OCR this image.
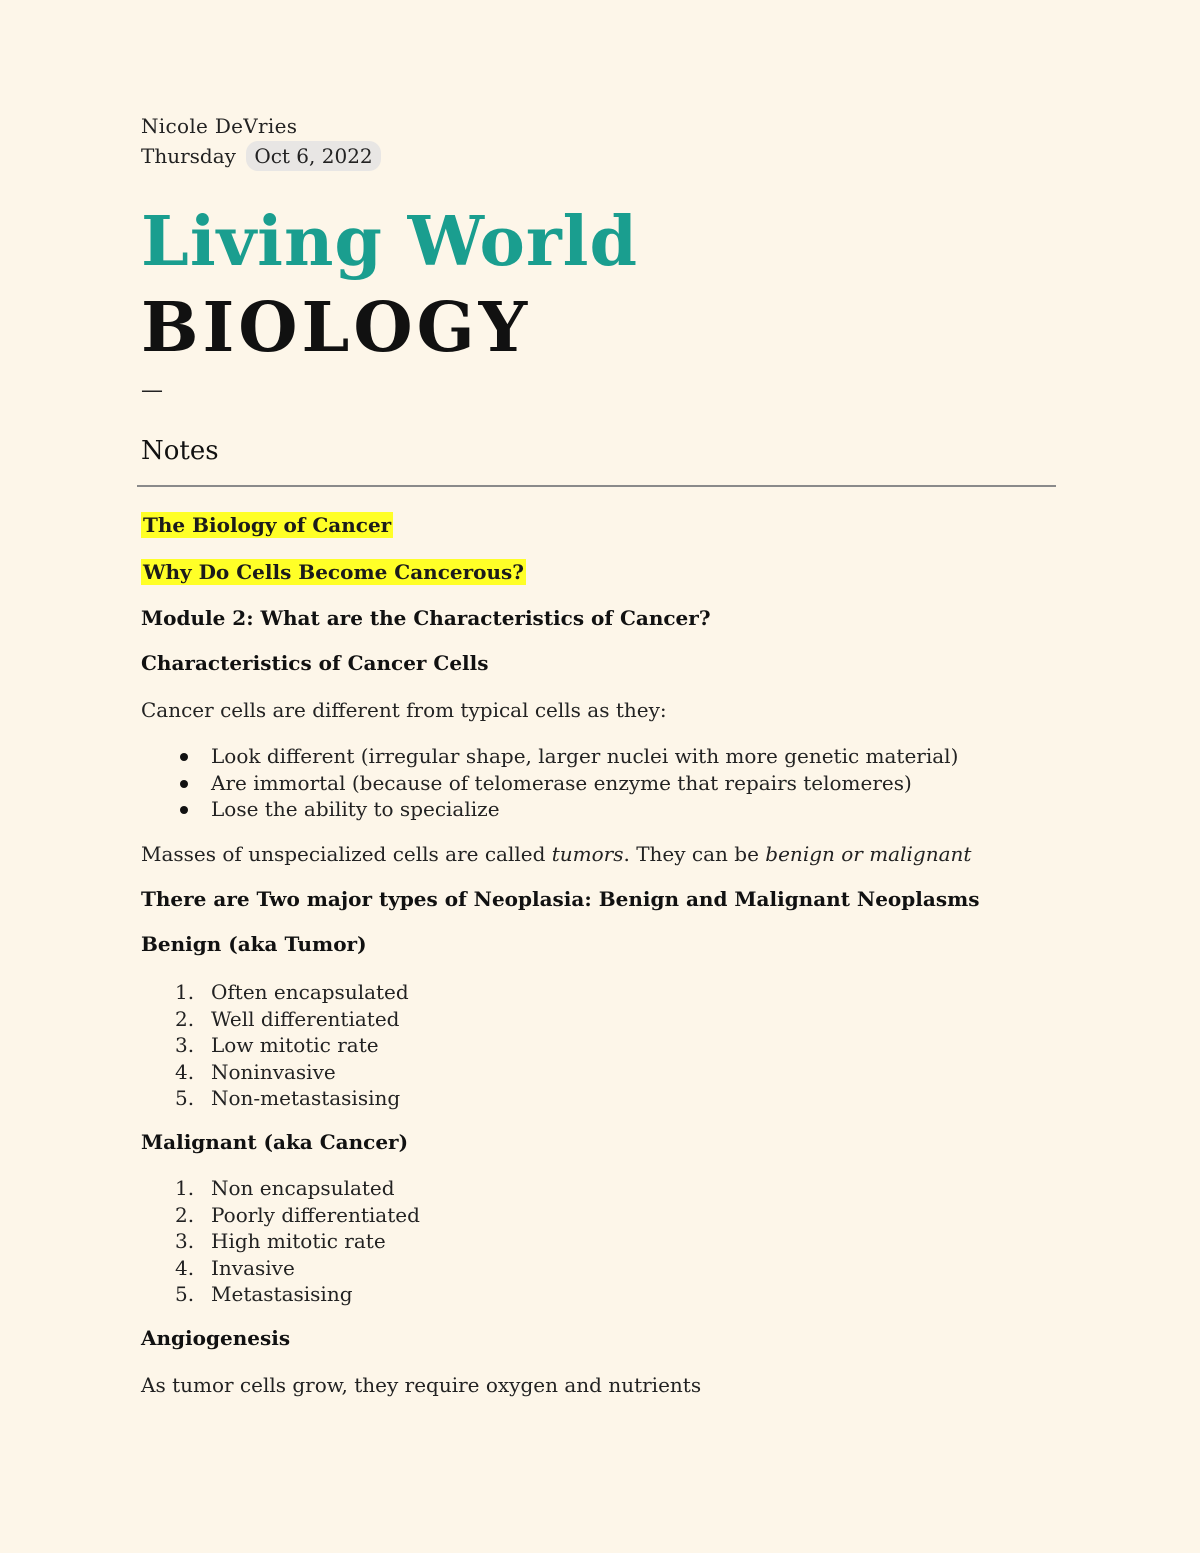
Nicole DeVries
Thursday Oct 6, 2022
Living World
BIOLOGY
—
Notes
The Biology of Cancer
Why Do Cells Become Cancerous?
Module 2: What are the Characteristics of Cancer?
Characteristics of Cancer Cells
Cancer cells are different from typical cells as they:
Look different (irregular shape, larger nuclei with more genetic material)
Are immortal (because of telomerase enzyme that repairs telomeres)
Lose the ability to specialize
Masses of unspecialized cells are called tumors. They can be benign or malignant
There are Two major types of Neoplasia: Benign and Malignant Neoplasms
Benign (aka Tumor)
1. Often encapsulated
2. Well differentiated
3. Low mitotic rate
4. Noninvasive
5. Non-metastasising
Malignant (aka Cancer)
1. Non encapsulated
2. Poorly differentiated
3. High mitotic rate
4. Invasive
5. Metastasising
Angiogenesis
As tumor cells grow, they require oxygen and nutrients
